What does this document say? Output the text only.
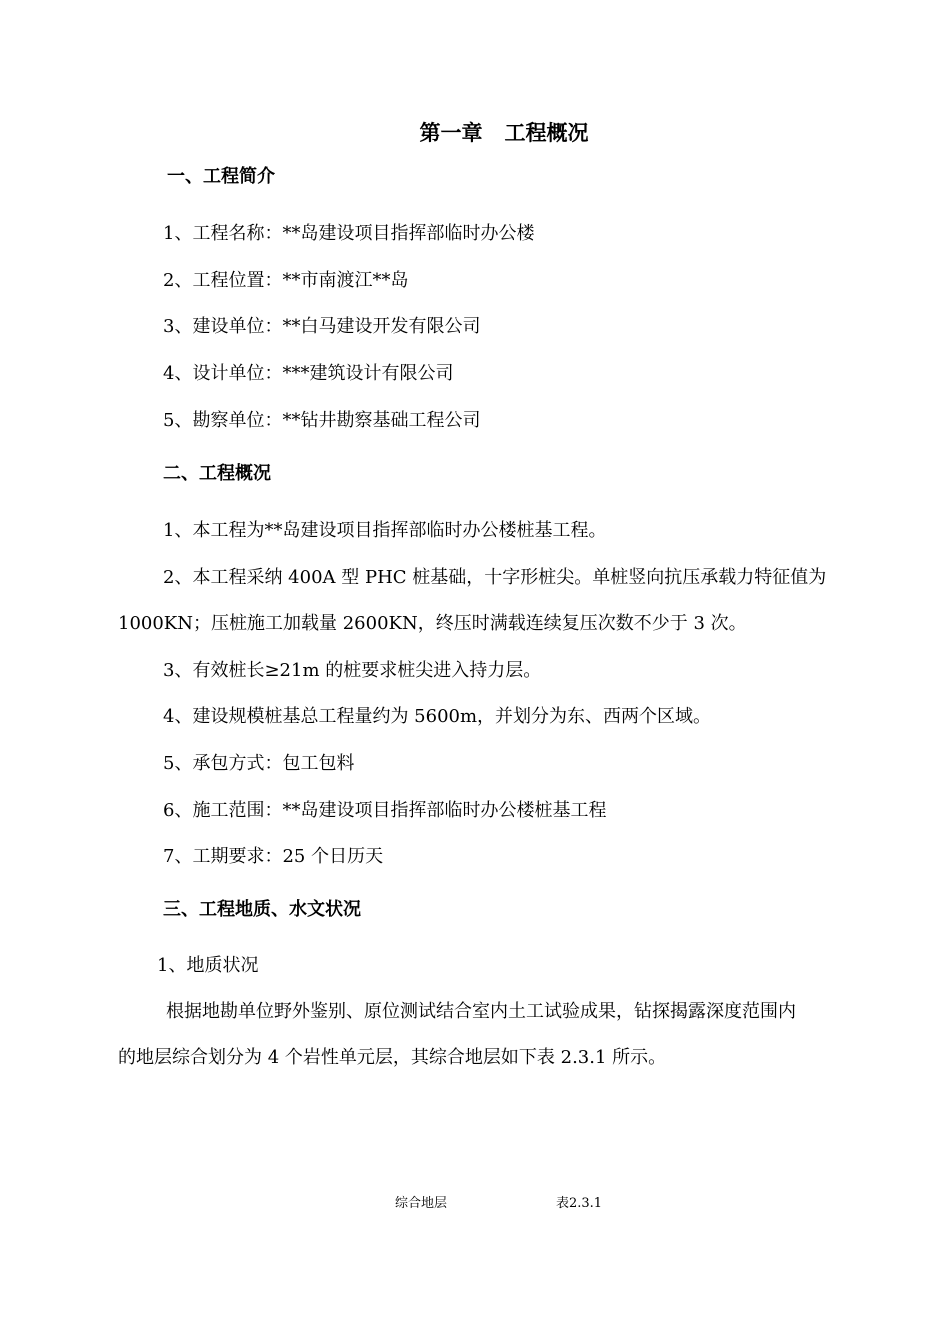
第一章   工程概况
一、工程简介
1、工程名称：**岛建设项目指挥部临时办公楼
2、工程位置：**市南渡江**岛
3、建设单位：**白马建设开发有限公司
4、设计单位：***建筑设计有限公司
5、勘察单位：**钻井勘察基础工程公司
二、工程概况
1、本工程为**岛建设项目指挥部临时办公楼桩基工程。
2、本工程采纳 400A 型 PHC 桩基础，十字形桩尖。单桩竖向抗压承载力特征值为
1000KN；压桩施工加载量 2600KN，终压时满载连续复压次数不少于 3 次。
3、有效桩长≥21m 的桩要求桩尖进入持力层。
4、建设规模桩基总工程量约为 5600m，并划分为东、西两个区域。
5、承包方式：包工包料
6、施工范围：**岛建设项目指挥部临时办公楼桩基工程
7、工期要求：25 个日历天
三、工程地质、水文状况
1、地质状况
根据地勘单位野外鉴别、原位测试结合室内土工试验成果，钻探揭露深度范围内
的地层综合划分为 4 个岩性单元层，其综合地层如下表 2.3.1 所示。
综合地层	表2.3.1
